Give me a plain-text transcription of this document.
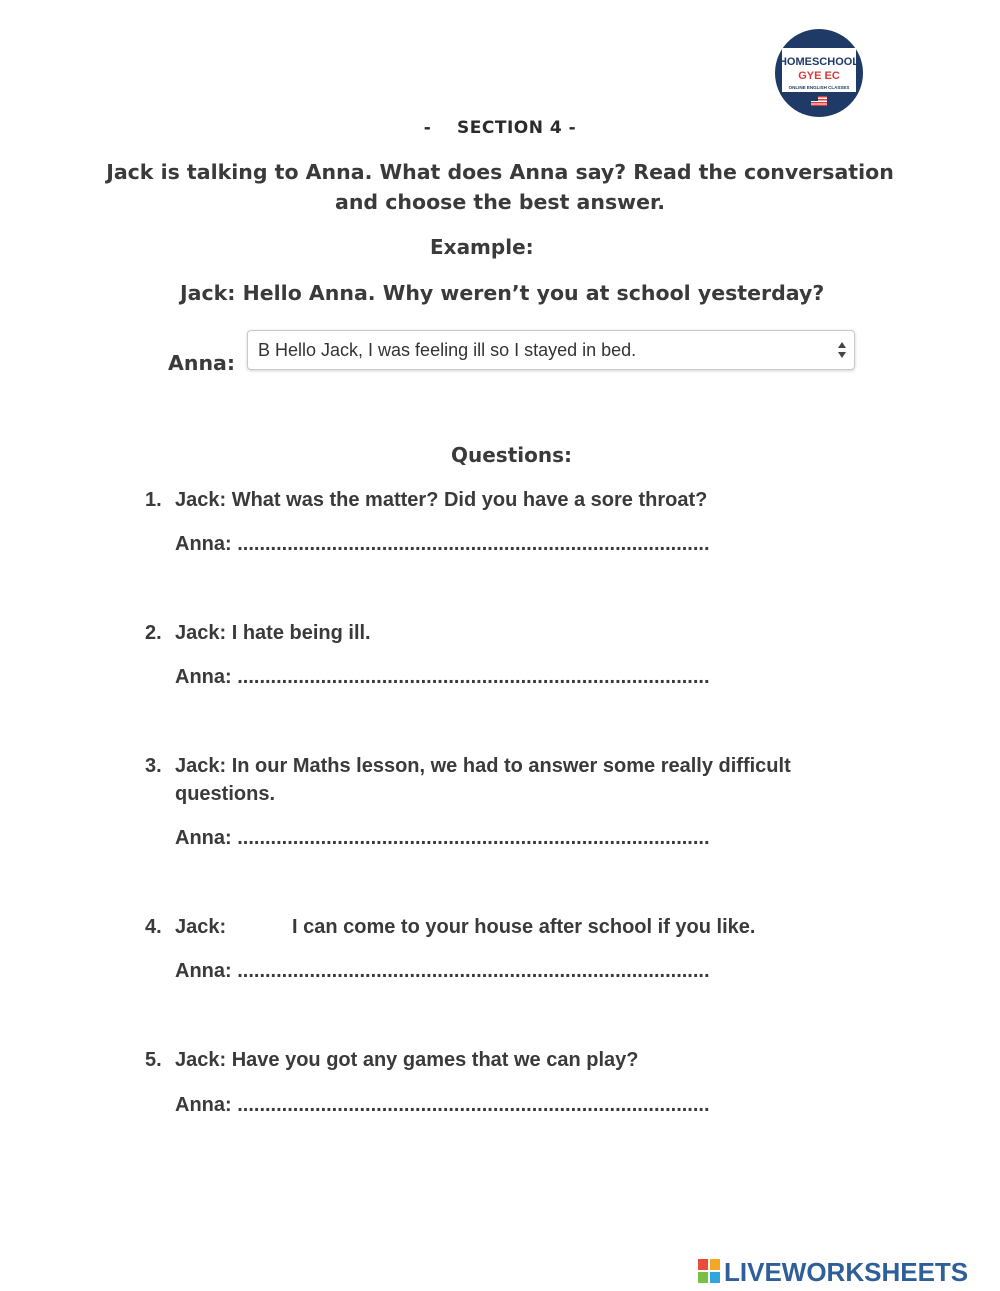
HOMESCHOOL
GYE EC
ONLINE ENGLISH CLASSES
-    SECTION 4 -
Jack is talking to Anna. What does Anna say? Read the conversation
and choose the best answer.
Example:
Jack: Hello Anna. Why weren’t you at school yesterday?
Anna:
B Hello Jack, I was feeling ill so I stayed in bed.
Questions:
1. Jack: What was the matter? Did you have a sore throat?
Anna: .....................................................................................
2. Jack: I hate being ill.
Anna: .....................................................................................
3. Jack: In our Maths lesson, we had to answer some really difficult
questions.
Anna: .....................................................................................
4. Jack:	I can come to your house after school if you like.
Anna: .....................................................................................
5. Jack: Have you got any games that we can play?
Anna: .....................................................................................
LIVEWORKSHEETS
